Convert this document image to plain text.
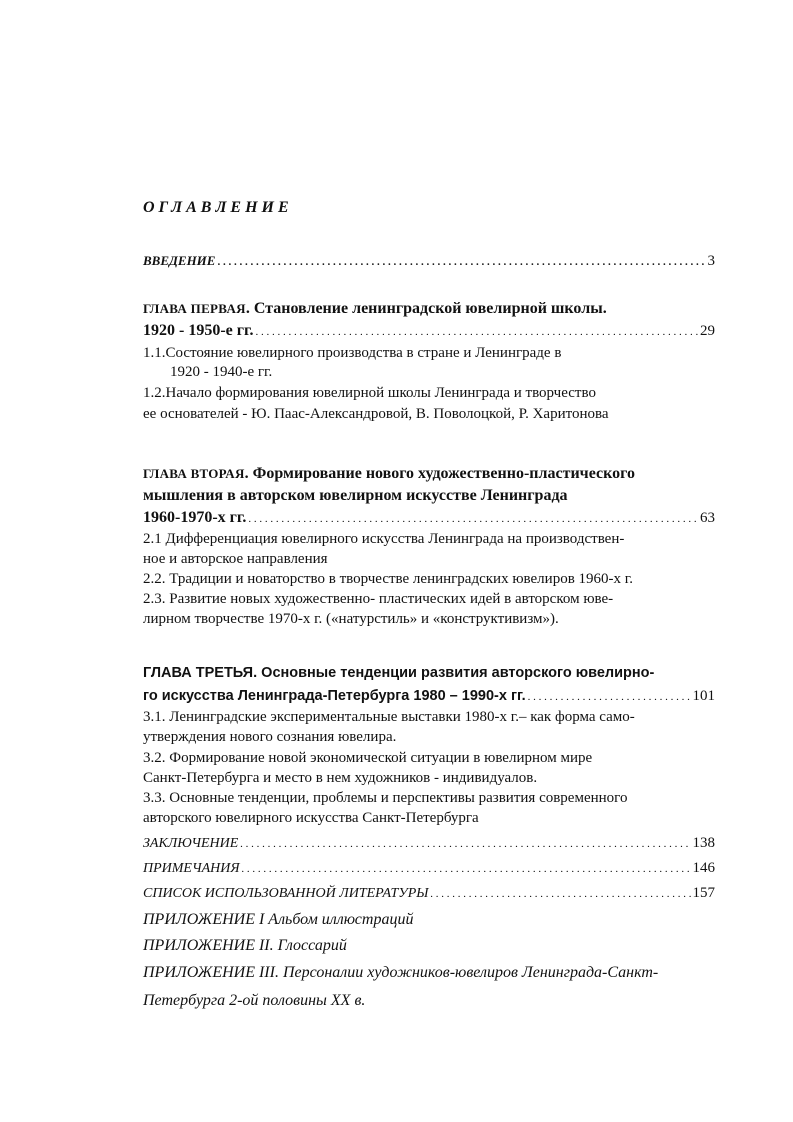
ОГЛАВЛЕНИЕ
ВВЕДЕНИЕ . . .	3
ГЛАВА ПЕРВАЯ. Становление ленинградской ювелирной школы.
1920 - 1950-е гг. . . .	29
1.1.Состояние ювелирного производства в стране и Ленинграде в
1920 - 1940-е гг.
1.2.Начало формирования ювелирной школы Ленинграда и творчество
ее основателей - Ю. Паас-Александровой, В. Поволоцкой, Р. Харитонова
ГЛАВА ВТОРАЯ. Формирование нового художественно-пластического
мышления в авторском ювелирном искусстве Ленинграда
1960-1970-х гг. . . .	63
2.1 Дифференциация ювелирного искусства Ленинграда на производствен-
ное и авторское направления
2.2. Традиции и новаторство в творчестве ленинградских ювелиров 1960-х г.
2.3. Развитие новых художественно- пластических идей в авторском юве-
лирном творчестве 1970-х г. («натурстиль» и «конструктивизм»).
ГЛАВА ТРЕТЬЯ. Основные тенденции развития авторского ювелирно-
го искусства Ленинграда-Петербурга 1980 – 1990-х гг. . . .	101
3.1. Ленинградские экспериментальные выставки 1980-х г.– как форма само-
утверждения нового сознания ювелира.
3.2. Формирование новой экономической ситуации в ювелирном мире
Санкт-Петербурга и место в нем художников - индивидуалов.
3.3. Основные тенденции, проблемы и перспективы развития современного
авторского ювелирного искусства Санкт-Петербурга
ЗАКЛЮЧЕНИЕ . . .	138
ПРИМЕЧАНИЯ . . .	146
СПИСОК ИСПОЛЬЗОВАННОЙ ЛИТЕРАТУРЫ . . .	157
ПРИЛОЖЕНИЕ I Альбом иллюстраций
ПРИЛОЖЕНИЕ II. Глоссарий
ПРИЛОЖЕНИЕ III. Персоналии художников-ювелиров Ленинграда-Санкт-
Петербурга 2-ой половины XX в.
